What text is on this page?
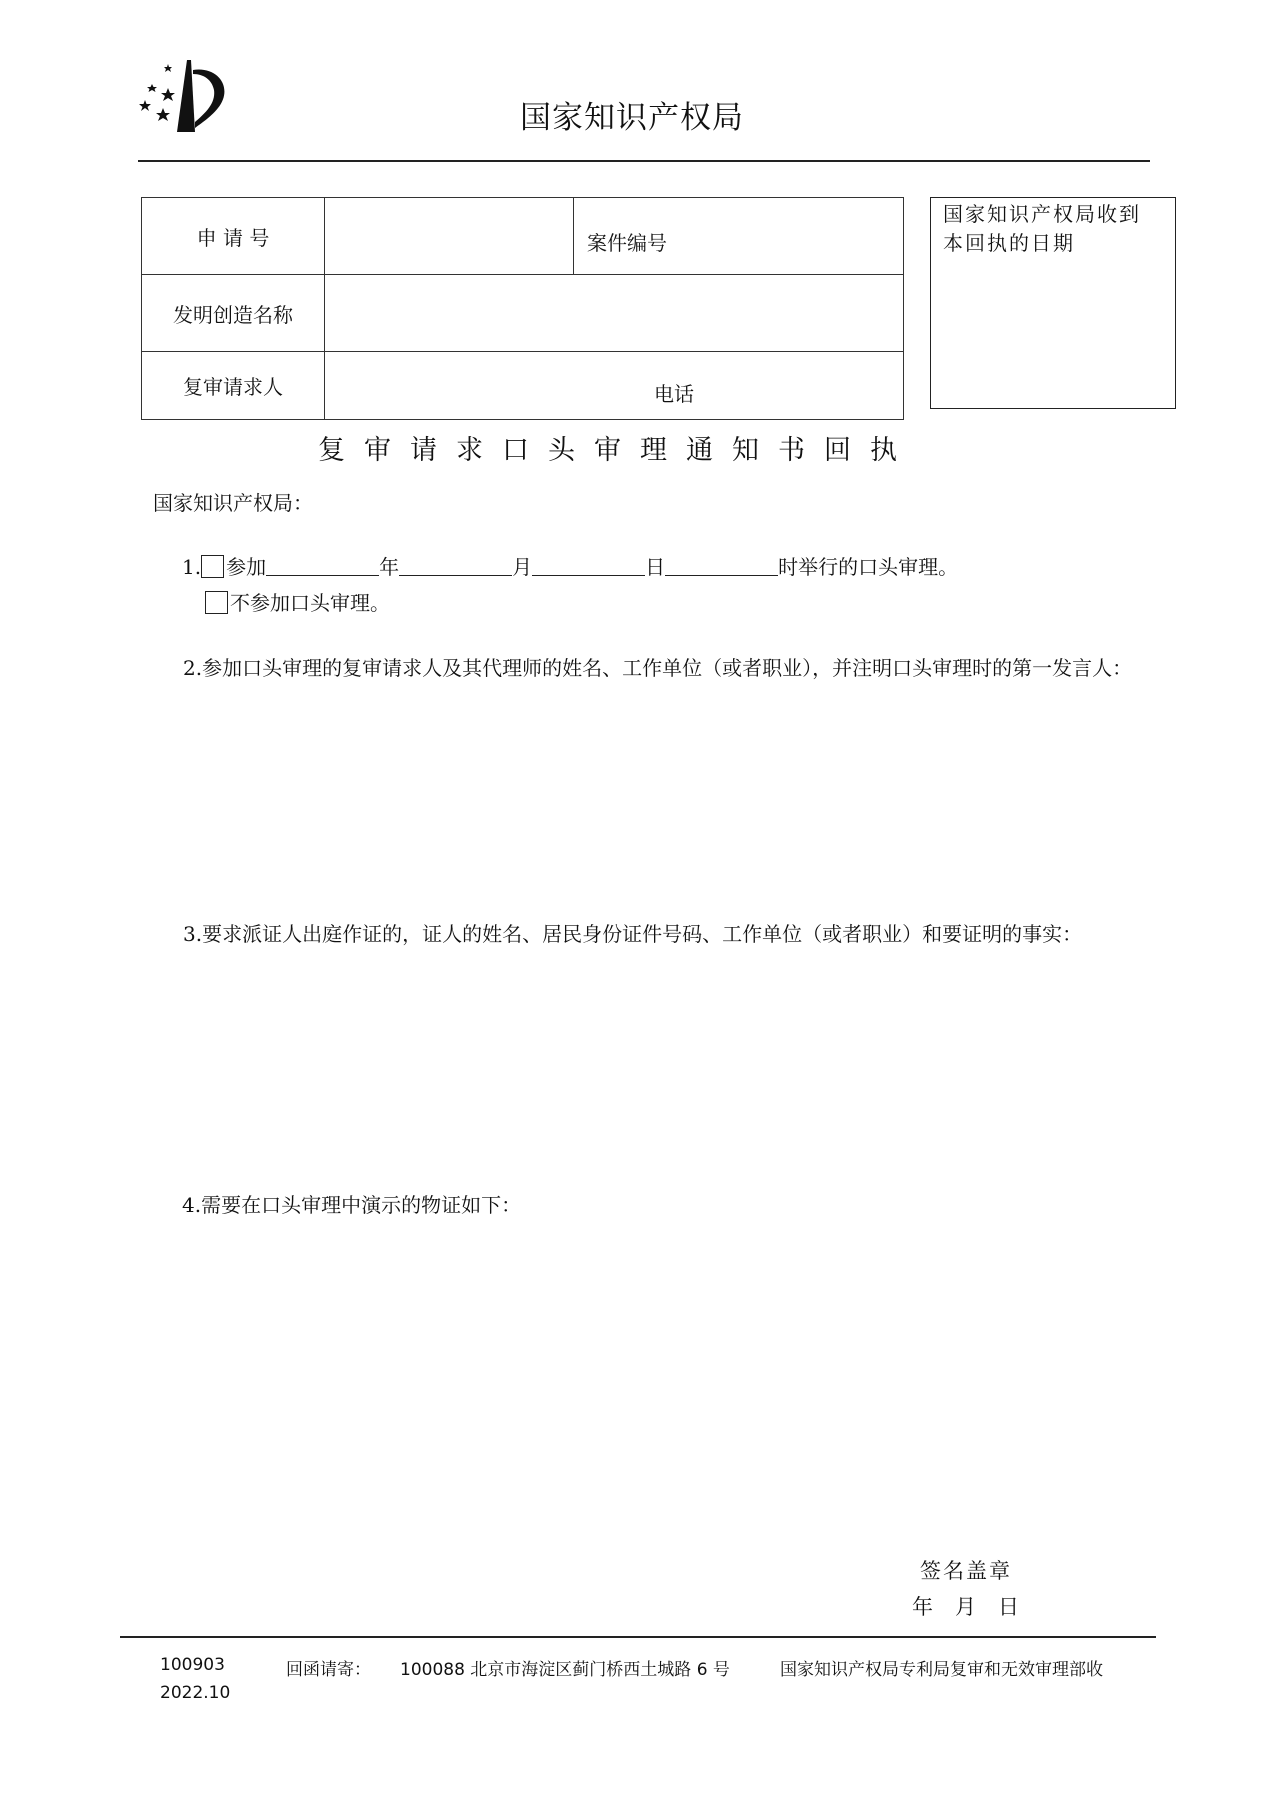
国家知识产权局
申 请 号		案件编号
发明创造名称		
复审请求人	电话	
国家知识产权局收到
本回执的日期
复审请求口头审理通知书回执
国家知识产权局：
1. 参加	年	月	日	时举行的口头审理。
不参加口头审理。
2.参加口头审理的复审请求人及其代理师的姓名、工作单位（或者职业），并注明口头审理时的第一发言人：
3.要求派证人出庭作证的，证人的姓名、居民身份证件号码、工作单位（或者职业）和要证明的事实：
4.需要在口头审理中演示的物证如下：
签名盖章
年 月 日
100903
2022.10
回函请寄： 100088 北京市海淀区蓟门桥西土城路 6 号	国家知识产权局专利局复审和无效审理部收
